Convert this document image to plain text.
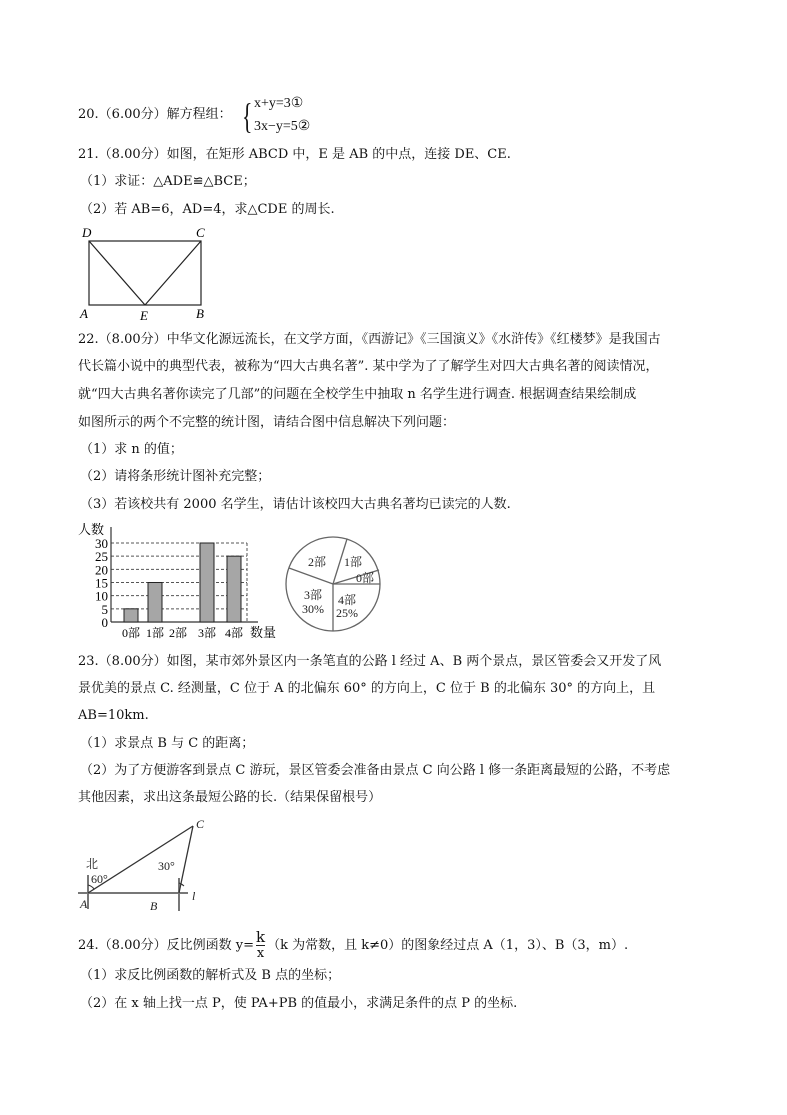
20.（6.00分）解方程组： { x+y=3①
3x−y=5②
21.（8.00分）如图，在矩形 ABCD 中，E 是 AB 的中点，连接 DE、CE.
（1）求证：△ADE≌△BCE；
（2）若 AB=6，AD=4，求△CDE 的周长.
D	C
A	E	B
0
5
10
15
20
25
30
人数
数量
0部 1部 2部 3部 4部
2部 1部
0部
3部
30%
4部
25%
北
60°
30°
A	B
C
l
22.（8.00分）中华文化源远流长，在文学方面，《西游记》《三国演义》《水浒传》《红楼梦》是我国古
代长篇小说中的典型代表，被称为“四大古典名著”. 某中学为了了解学生对四大古典名著的阅读情况，
就“四大古典名著你读完了几部”的问题在全校学生中抽取 n 名学生进行调查. 根据调查结果绘制成
如图所示的两个不完整的统计图，请结合图中信息解决下列问题：
（1）求 n 的值；
（2）请将条形统计图补充完整；
（3）若该校共有 2000 名学生，请估计该校四大古典名著均已读完的人数.
23.（8.00分）如图，某市郊外景区内一条笔直的公路 l 经过 A、B 两个景点，景区管委会又开发了风
景优美的景点 C. 经测量，C 位于 A 的北偏东 60° 的方向上，C 位于 B 的北偏东 30° 的方向上，且
AB=10km.
（1）求景点 B 与 C 的距离；
（2）为了方便游客到景点 C 游玩，景区管委会准备由景点 C 向公路 l 修一条距离最短的公路，不考虑
其他因素，求出这条最短公路的长.（结果保留根号）
24.（8.00分）反比例函数 $y= \frac{k}{x} (k$ 为常数，且 k≠0）的图象经过点 A（1，3）、B（3，m）.
（1）求反比例函数的解析式及 B 点的坐标；
（2）在 x 轴上找一点 P，使 PA+PB 的值最小，求满足条件的点 P 的坐标.
